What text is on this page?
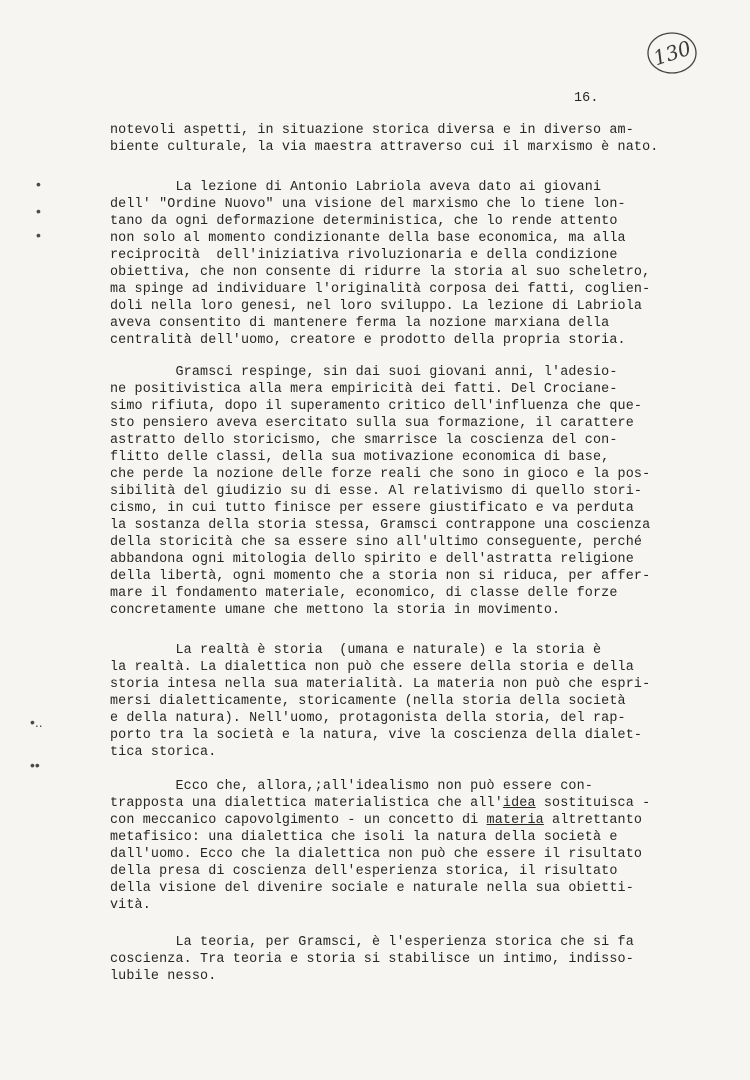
130
16.
•
•
•
•..
••
notevoli aspetti, in situazione storica diversa e in diverso am-
biente culturale, la via maestra attraverso cui il marxismo è nato.
La lezione di Antonio Labriola aveva dato ai giovani
dell' "Ordine Nuovo" una visione del marxismo che lo tiene lon-
tano da ogni deformazione deterministica, che lo rende attento
non solo al momento condizionante della base economica, ma alla
reciprocità  dell'iniziativa rivoluzionaria e della condizione
obiettiva, che non consente di ridurre la storia al suo scheletro,
ma spinge ad individuare l'originalità corposa dei fatti, coglien-
doli nella loro genesi, nel loro sviluppo. La lezione di Labriola
aveva consentito di mantenere ferma la nozione marxiana della
centralità dell'uomo, creatore e prodotto della propria storia.
Gramsci respinge, sin dai suoi giovani anni, l'adesio-
ne positivistica alla mera empiricità dei fatti. Del Crociane-
simo rifiuta, dopo il superamento critico dell'influenza che que-
sto pensiero aveva esercitato sulla sua formazione, il carattere
astratto dello storicismo, che smarrisce la coscienza del con-
flitto delle classi, della sua motivazione economica di base,
che perde la nozione delle forze reali che sono in gioco e la pos-
sibilità del giudizio su di esse. Al relativismo di quello stori-
cismo, in cui tutto finisce per essere giustificato e va perduta
la sostanza della storia stessa, Gramsci contrappone una coscienza
della storicità che sa essere sino all'ultimo conseguente, perché
abbandona ogni mitologia dello spirito e dell'astratta religione
della libertà, ogni momento che a storia non si riduca, per affer-
mare il fondamento materiale, economico, di classe delle forze
concretamente umane che mettono la storia in movimento.
La realtà è storia  (umana e naturale) e la storia è
la realtà. La dialettica non può che essere della storia e della
storia intesa nella sua materialità. La materia non può che espri-
mersi dialetticamente, storicamente (nella storia della società
e della natura). Nell'uomo, protagonista della storia, del rap-
porto tra la società e la natura, vive la coscienza della dialet-
tica storica.
Ecco che, allora,;all'idealismo non può essere con-
trapposta una dialettica materialistica che all'idea sostituisca -
con meccanico capovolgimento - un concetto di materia altrettanto
metafisico: una dialettica che isoli la natura della società e
dall'uomo. Ecco che la dialettica non può che essere il risultato
della presa di coscienza dell'esperienza storica, il risultato
della visione del divenire sociale e naturale nella sua obietti-
vità.
La teoria, per Gramsci, è l'esperienza storica che si fa
coscienza. Tra teoria e storia si stabilisce un intimo, indisso-
lubile nesso.
